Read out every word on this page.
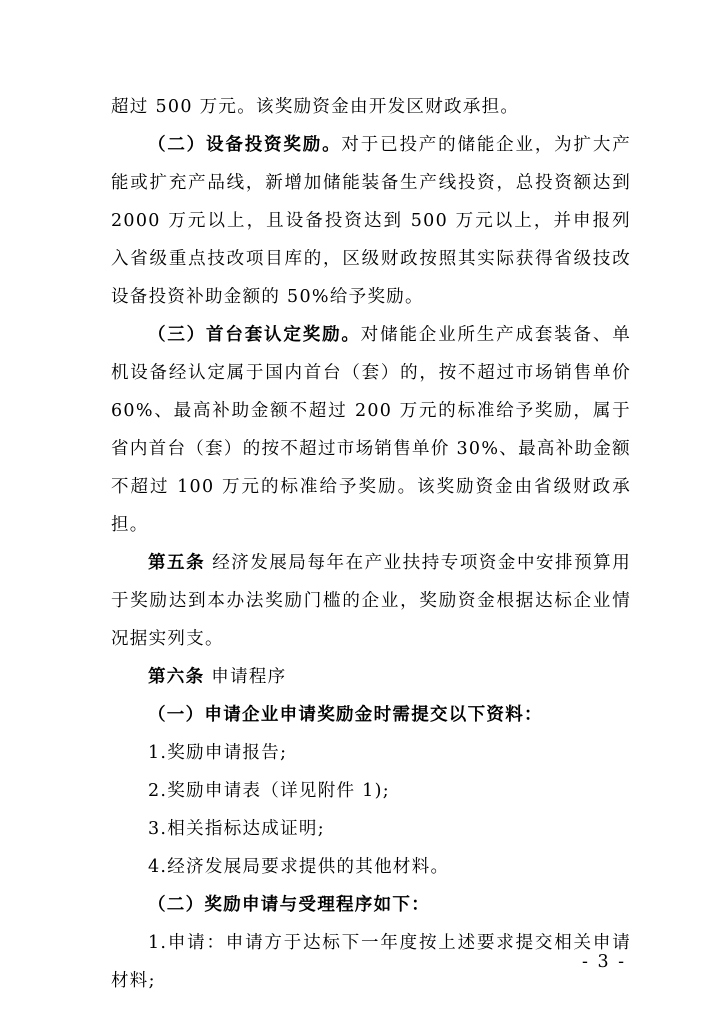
超过 500 万元。该奖励资金由开发区财政承担。

（二）设备投资奖励。对于已投产的储能企业，为扩大产能或扩充产品线，新增加储能装备生产线投资，总投资额达到 2000 万元以上，且设备投资达到 500 万元以上，并申报列入省级重点技改项目库的，区级财政按照其实际获得省级技改设备投资补助金额的 50%给予奖励。

（三）首台套认定奖励。对储能企业所生产成套装备、单机设备经认定属于国内首台（套）的，按不超过市场销售单价 60%、最高补助金额不超过 200 万元的标准给予奖励，属于省内首台（套）的按不超过市场销售单价 30%、最高补助金额不超过 100 万元的标准给予奖励。该奖励资金由省级财政承担。

第五条 经济发展局每年在产业扶持专项资金中安排预算用于奖励达到本办法奖励门槛的企业，奖励资金根据达标企业情况据实列支。

第六条 申请程序

（一）申请企业申请奖励金时需提交以下资料：

1.奖励申请报告;

2.奖励申请表（详见附件 1);

3.相关指标达成证明;

4.经济发展局要求提供的其他材料。

（二）奖励申请与受理程序如下：

1.申请：申请方于达标下一年度按上述要求提交相关申请材料;

- 3 -
